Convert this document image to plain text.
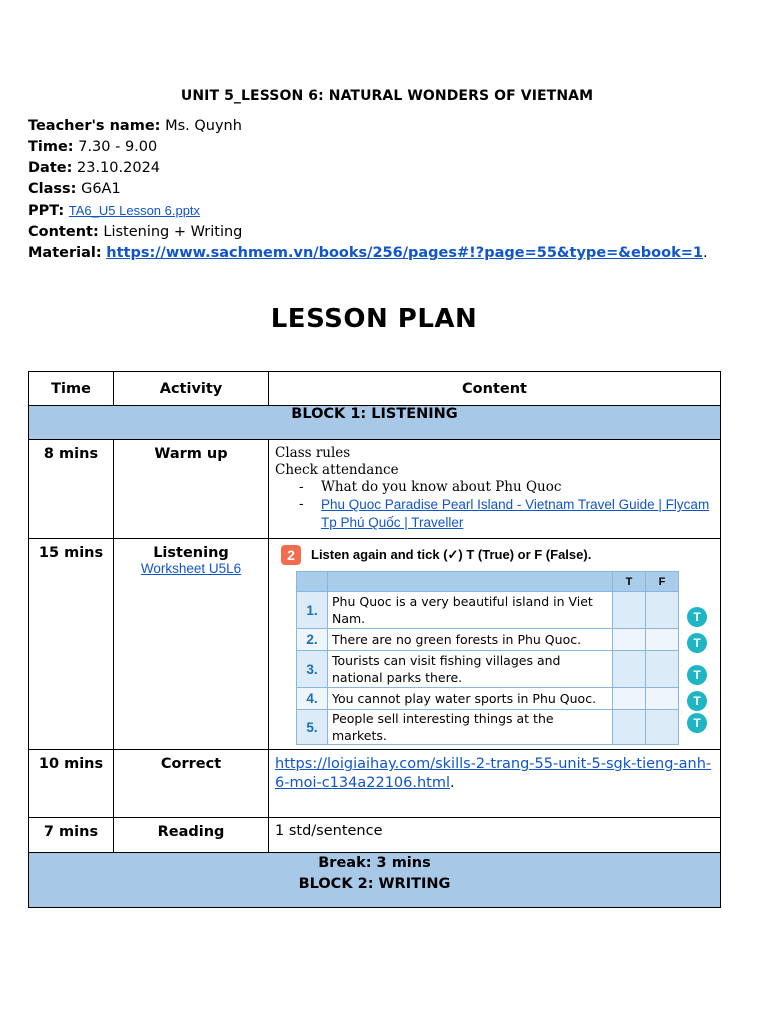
UNIT 5_LESSON 6: NATURAL WONDERS OF VIETNAM
Teacher's name: Ms. Quynh
Time: 7.30 - 9.00
Date: 23.10.2024
Class: G6A1
PPT: TA6_U5 Lesson 6.pptx
Content: Listening + Writing
Material: https://www.sachmem.vn/books/256/pages#!?page=55&type=&ebook=1.
LESSON PLAN
Time	Activity	Content
BLOCK 1: LISTENING
8 mins	Warm up	Class rules
Check attendance
- What do you know about Phu Quoc
- Phu Quoc Paradise Pearl Island - Vietnam Travel Guide | Flycam Tp Phú Quốc | Traveller

15 mins	Listening
Worksheet U5L6

2	Listen again and tick (✓) T (True) or F (False).
		T	F
1.	Phu Quoc is a very beautiful island in Viet Nam.		
2.	There are no green forests in Phu Quoc.		
3.	Tourists can visit fishing villages and national parks there.		
4.	You cannot play water sports in Phu Quoc.		
5.	People sell interesting things at the markets.		
T
T
T
T
T

10 mins	Correct	https://loigiaihay.com/skills-2-trang-55-unit-5-sgk-tieng-anh-6-moi-c134a22106.html.
7 mins	Reading	1 std/sentence

Break: 3 mins
BLOCK 2: WRITING
